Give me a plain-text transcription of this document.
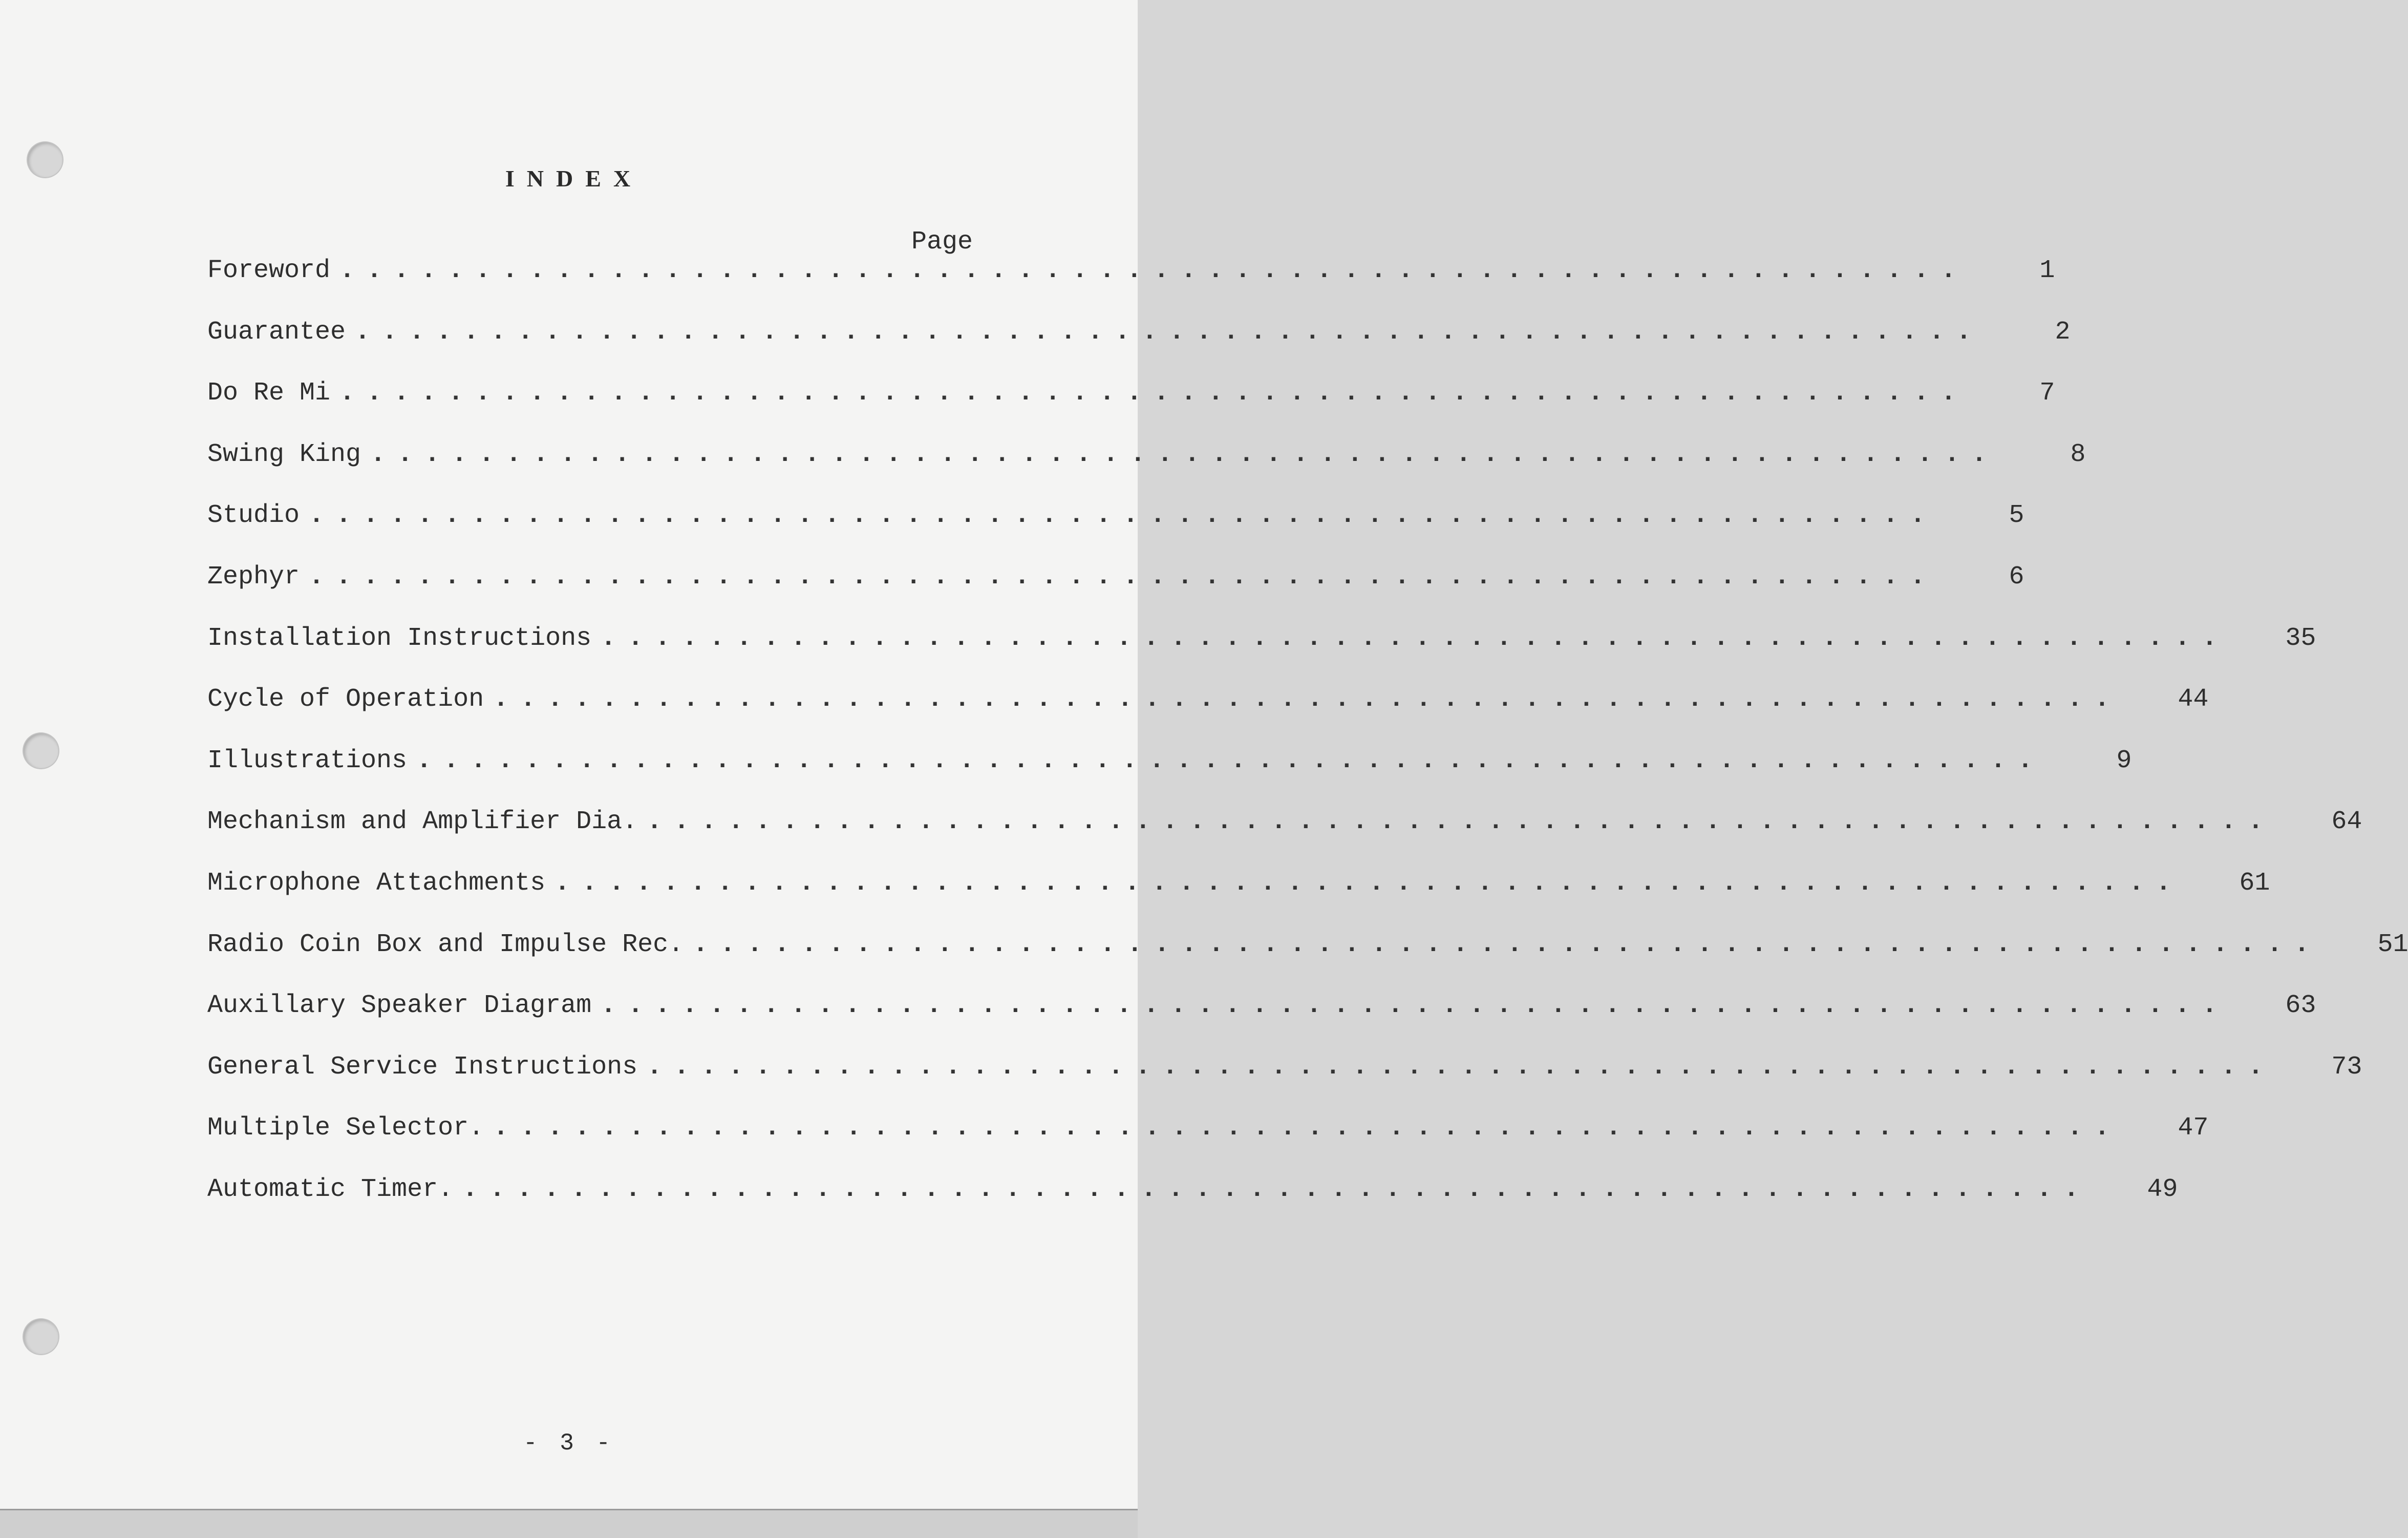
INDEX
Page
Foreword ............................................................	1
Guarantee ............................................................	2
Do Re Mi ............................................................	7
Swing King ............................................................	8
Studio ............................................................	5
Zephyr ............................................................	6
Installation Instructions ............................................................	35
Cycle of Operation ............................................................	44
Illustrations ............................................................	9
Mechanism and Amplifier Dia. ............................................................	64
Microphone Attachments ............................................................	61
Radio Coin Box and Impulse Rec. ............................................................	51
Auxillary Speaker Diagram ............................................................	63
General Service Instructions ............................................................	73
Multiple Selector. ............................................................	47
Automatic Timer. ............................................................	49
- 3 -
